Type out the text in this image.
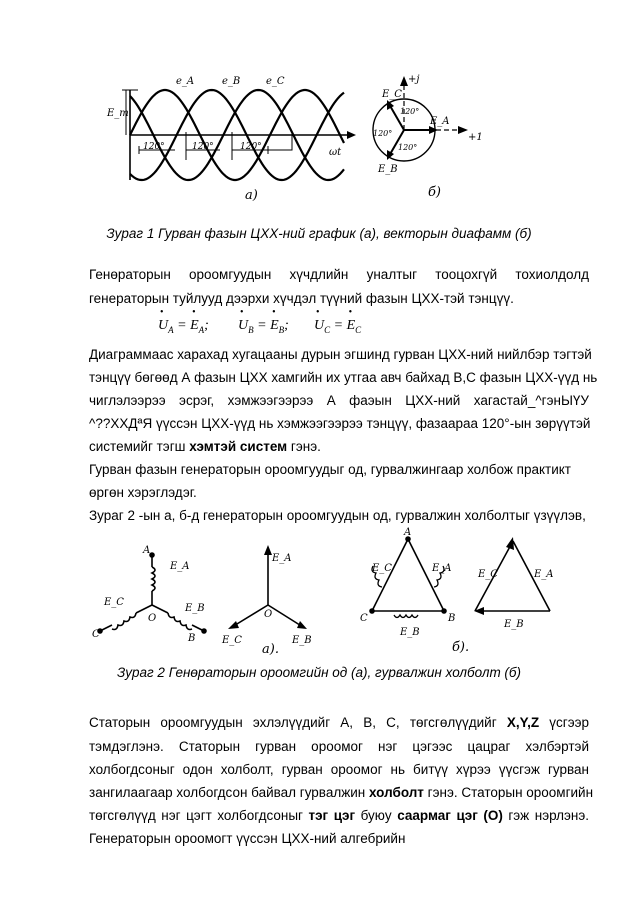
e_A	e_B	e_C
E_m
ωt
120°	120°	120°
a)
+j
+1
E_C
E_A
E_B
120°
120°
120°
б)
Зураг 1 Гурван фазын ЦХХ-ний график (а), векторын диафамм (б)
Генөраторын ороомгуудын хүчдлийн уналтыг тооцохгүй тохиолдолд
генераторын туйлууд дээрхи хүчдэл түүний фазын ЦХХ-тэй тэнцүү.
• $U_A$ = • $E_A$; • $U_B$ = • $E_B$; • $U_C$ = • $E_C$
Диаграммаас харахад хугацааны дурын эгшинд гурван ЦХХ-ний нийлбэр тэгтэй
тэнцүү бөгөөд А фазын ЦХХ хамгийн их утгаа авч байхад В,С фазын ЦХХ-үүд нь
чиглэлээрээ эсрэг, хэмжээгээрээ А фаэын ЦХХ-ний хагастай_^гэнЫҮУ
^??ХХДªЯ үүссэн ЦХХ-үүд нь хэмжээгээрээ тэнцүү, фазаараа 120°-ын зөрүүтэй
системийг тэгш хэмтэй систем гэнэ.
Гурван фазын генераторын ороомгуудыг од, гурвалжингаар холбож практикт
өргөн хэрэглэдэг.
Зураг 2 -ын а, б-д генераторын ороомгуудын од, гурвалжин холболтыг үзүүлэв,
A
B
C
O
E_A
E_B
E_C
E_A
E_B
E_C
O
A
B
C
E_A
E_B
E_C
E_A
E_B
E_C
a).	б).
Зураг 2 Генөраторын ороомгийн од (а), гурвалжин холболт (б)
Статорын ороомгуудын эхлэлүүдийг А, В, С, төгсгөлүүдийг X,Y,Z үсгээр
тэмдэглэнэ. Статорын гурван ороомог нэг цэгээс цацраг хэлбэртэй
холбогдсоныг одон холболт, гурван ороомог нь битүү хүрээ үүсгэж гурван
зангилаагаар холбогдсон байвал гурвалжин холболт гэнэ. Статорын ороомгийн
төгсгөлүүд нэг цэгт холбогдсоныг тэг цэг буюу саармаг цэг (О) гэж нэрлэнэ.
Генераторын ороомогт үүссэн ЦХХ-ний алгебрийн
